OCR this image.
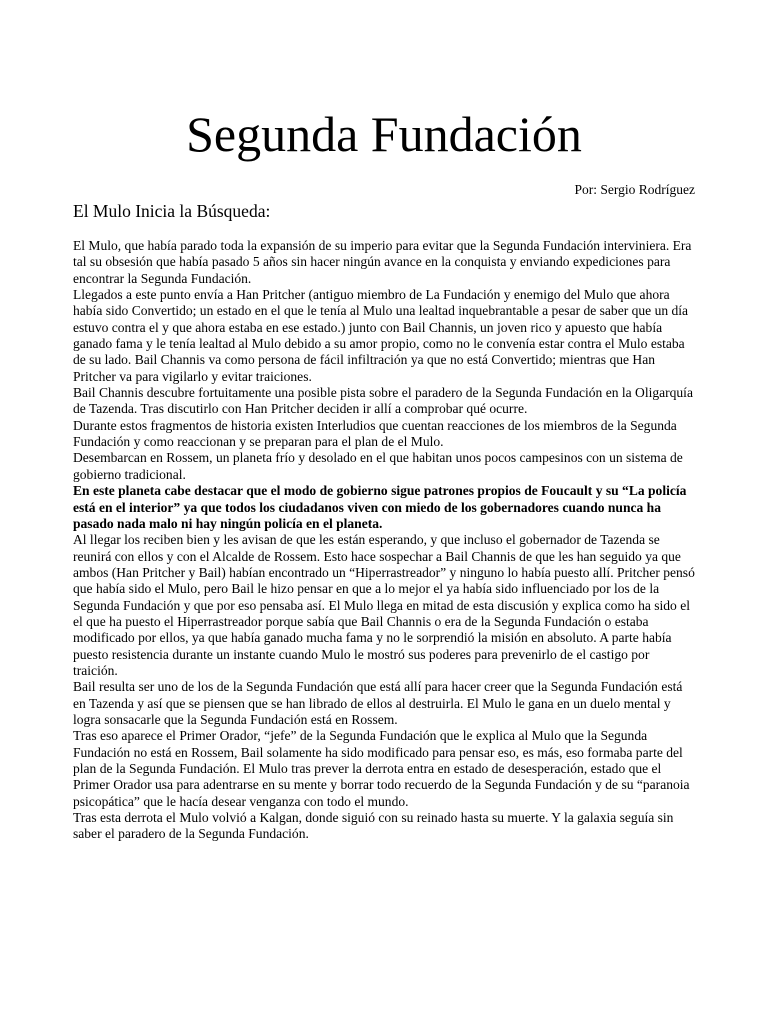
Segunda Fundación
Por: Sergio Rodríguez
El Mulo Inicia la Búsqueda:

El Mulo, que había parado toda la expansión de su imperio para evitar que la Segunda Fundación interviniera. Era tal su obsesión que había pasado 5 años sin hacer ningún avance en la conquista y enviando expediciones para encontrar la Segunda Fundación.

Llegados a este punto envía a Han Pritcher (antiguo miembro de La Fundación y enemigo del Mulo que ahora había sido Convertido; un estado en el que le tenía al Mulo una lealtad inquebrantable a pesar de saber que un día estuvo contra el y que ahora estaba en ese estado.) junto con Bail Channis, un joven rico y apuesto que había ganado fama y le tenía lealtad al Mulo debido a su amor propio, como no le convenía estar contra el Mulo estaba de su lado. Bail Channis va como persona de fácil infiltración ya que no está Convertido; mientras que Han Pritcher va para vigilarlo y evitar traiciones.

Bail Channis descubre fortuitamente una posible pista sobre el paradero de la Segunda Fundación en la Oligarquía de Tazenda. Tras discutirlo con Han Pritcher deciden ir allí a comprobar qué ocurre.

Durante estos fragmentos de historia existen Interludios que cuentan reacciones de los miembros de la Segunda Fundación y como reaccionan y se preparan para el plan de el Mulo.

Desembarcan en Rossem, un planeta frío y desolado en el que habitan unos pocos campesinos con un sistema de gobierno tradicional.

En este planeta cabe destacar que el modo de gobierno sigue patrones propios de Foucault y su “La policía está en el interior” ya que todos los ciudadanos viven con miedo de los gobernadores cuando nunca ha pasado nada malo ni hay ningún policía en el planeta.

Al llegar los reciben bien y les avisan de que les están esperando, y que incluso el gobernador de Tazenda se reunirá con ellos y con el Alcalde de Rossem. Esto hace sospechar a Bail Channis de que les han seguido ya que ambos (Han Pritcher y Bail) habían encontrado un “Hiperrastreador” y ninguno lo había puesto allí. Pritcher pensó que había sido el Mulo, pero Bail le hizo pensar en que a lo mejor el ya había sido influenciado por los de la Segunda Fundación y que por eso pensaba así. El Mulo llega en mitad de esta discusión y explica como ha sido el el que ha puesto el Hiperrastreador porque sabía que Bail Channis o era de la Segunda Fundación o estaba modificado por ellos, ya que había ganado mucha fama y no le sorprendió la misión en absoluto. A parte había puesto resistencia durante un instante cuando Mulo le mostró sus poderes para prevenirlo de el castigo por traición.

Bail resulta ser uno de los de la Segunda Fundación que está allí para hacer creer que la Segunda Fundación está en Tazenda y así que se piensen que se han librado de ellos al destruirla. El Mulo le gana en un duelo mental y logra sonsacarle que la Segunda Fundación está en Rossem.

Tras eso aparece el Primer Orador, “jefe” de la Segunda Fundación que le explica al Mulo que la Segunda Fundación no está en Rossem, Bail solamente ha sido modificado para pensar eso, es más, eso formaba parte del plan de la Segunda Fundación. El Mulo tras prever la derrota entra en estado de desesperación, estado que el Primer Orador usa para adentrarse en su mente y borrar todo recuerdo de la Segunda Fundación y de su “paranoia psicopática” que le hacía desear venganza con todo el mundo.

Tras esta derrota el Mulo volvió a Kalgan, donde siguió con su reinado hasta su muerte. Y la galaxia seguía sin saber el paradero de la Segunda Fundación.
